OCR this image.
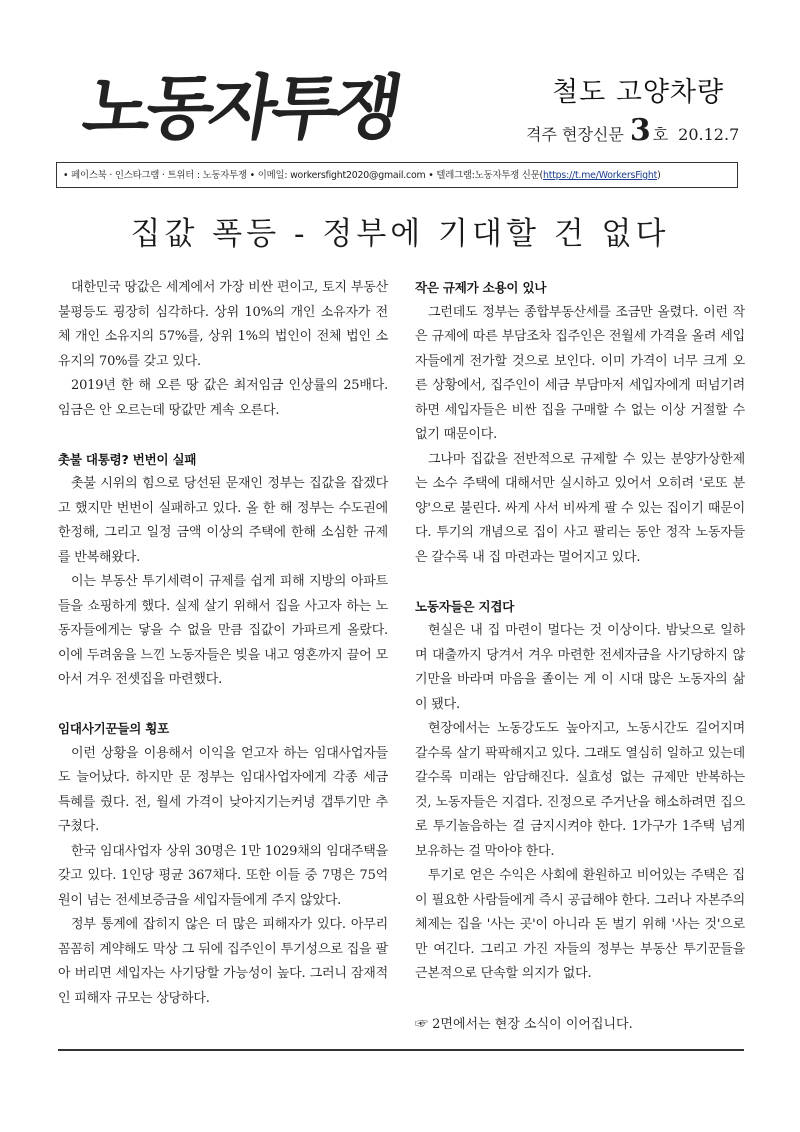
노동자투쟁	철도 고양차량
격주 현장신문 3 호 20.12.7
• 페이스북 · 인스타그램 · 트위터 : 노동자투쟁 • 이메일: workersfight2020@gmail.com • 텔레그램:노동자투쟁 신문(https://t.me/WorkersFight)
집값 폭등 - 정부에 기대할 건 없다

대한민국 땅값은 세계에서 가장 비싼 편이고, 토지 부동산 불평등도 굉장히 심각하다. 상위 10%의 개인 소유자가 전체 개인 소유지의 57%를, 상위 1%의 법인이 전체 법인 소유지의 70%를 갖고 있다.

2019년 한 해 오른 땅 값은 최저임금 인상률의 25배다. 임금은 안 오르는데 땅값만 계속 오른다.

촛불 대통령? 번번이 실패

촛불 시위의 힘으로 당선된 문재인 정부는 집값을 잡겠다고 했지만 번번이 실패하고 있다. 올 한 해 정부는 수도권에 한정해, 그리고 일정 금액 이상의 주택에 한해 소심한 규제를 반복해왔다.

이는 부동산 투기세력이 규제를 쉽게 피해 지방의 아파트들을 쇼핑하게 했다. 실제 살기 위해서 집을 사고자 하는 노동자들에게는 닿을 수 없을 만큼 집값이 가파르게 올랐다. 이에 두려움을 느낀 노동자들은 빚을 내고 영혼까지 끌어 모아서 겨우 전셋집을 마련했다.

임대사기꾼들의 횡포

이런 상황을 이용해서 이익을 얻고자 하는 임대사업자들도 늘어났다. 하지만 문 정부는 임대사업자에게 각종 세금 특혜를 줬다. 전, 월세 가격이 낮아지기는커녕 갭투기만 추구쳤다.

한국 임대사업자 상위 30명은 1만 1029채의 임대주택을 갖고 있다. 1인당 평균 367채다. 또한 이들 중 7명은 75억 원이 넘는 전세보증금을 세입자들에게 주지 않았다.

정부 통계에 잡히지 않은 더 많은 피해자가 있다. 아무리 꼼꼼히 계약해도 막상 그 뒤에 집주인이 투기성으로 집을 팔아 버리면 세입자는 사기당할 가능성이 높다. 그러니 잠재적인 피해자 규모는 상당하다.

작은 규제가 소용이 있나

그런데도 정부는 종합부동산세를 조금만 올렸다. 이런 작은 규제에 따른 부담조차 집주인은 전월세 가격을 올려 세입자들에게 전가할 것으로 보인다. 이미 가격이 너무 크게 오른 상황에서, 집주인이 세금 부담마저 세입자에게 떠넘기려 하면 세입자들은 비싼 집을 구매할 수 없는 이상 거절할 수 없기 때문이다.

그나마 집값을 전반적으로 규제할 수 있는 분양가상한제는 소수 주택에 대해서만 실시하고 있어서 오히려 '로또 분양'으로 불린다. 싸게 사서 비싸게 팔 수 있는 집이기 때문이다. 투기의 개념으로 집이 사고 팔리는 동안 정작 노동자들은 갈수록 내 집 마련과는 멀어지고 있다.

노동자들은 지겹다

현실은 내 집 마련이 멀다는 것 이상이다. 밤낮으로 일하며 대출까지 당겨서 겨우 마련한 전세자금을 사기당하지 않기만을 바라며 마음을 졸이는 게 이 시대 많은 노동자의 삶이 됐다.

현장에서는 노동강도도 높아지고, 노동시간도 길어지며 갈수록 살기 팍팍해지고 있다. 그래도 열심히 일하고 있는데 갈수록 미래는 암담해진다. 실효성 없는 규제만 반복하는 것, 노동자들은 지겹다. 진정으로 주거난을 해소하려면 집으로 투기놀음하는 걸 금지시켜야 한다. 1가구가 1주택 넘게 보유하는 걸 막아야 한다.

투기로 얻은 수익은 사회에 환원하고 비어있는 주택은 집이 필요한 사람들에게 즉시 공급해야 한다. 그러나 자본주의 체제는 집을 '사는 곳'이 아니라 돈 벌기 위해 '사는 것'으로만 여긴다. 그리고 가진 자들의 정부는 부동산 투기꾼들을 근본적으로 단속할 의지가 없다.

☞ 2면에서는 현장 소식이 이어집니다.
